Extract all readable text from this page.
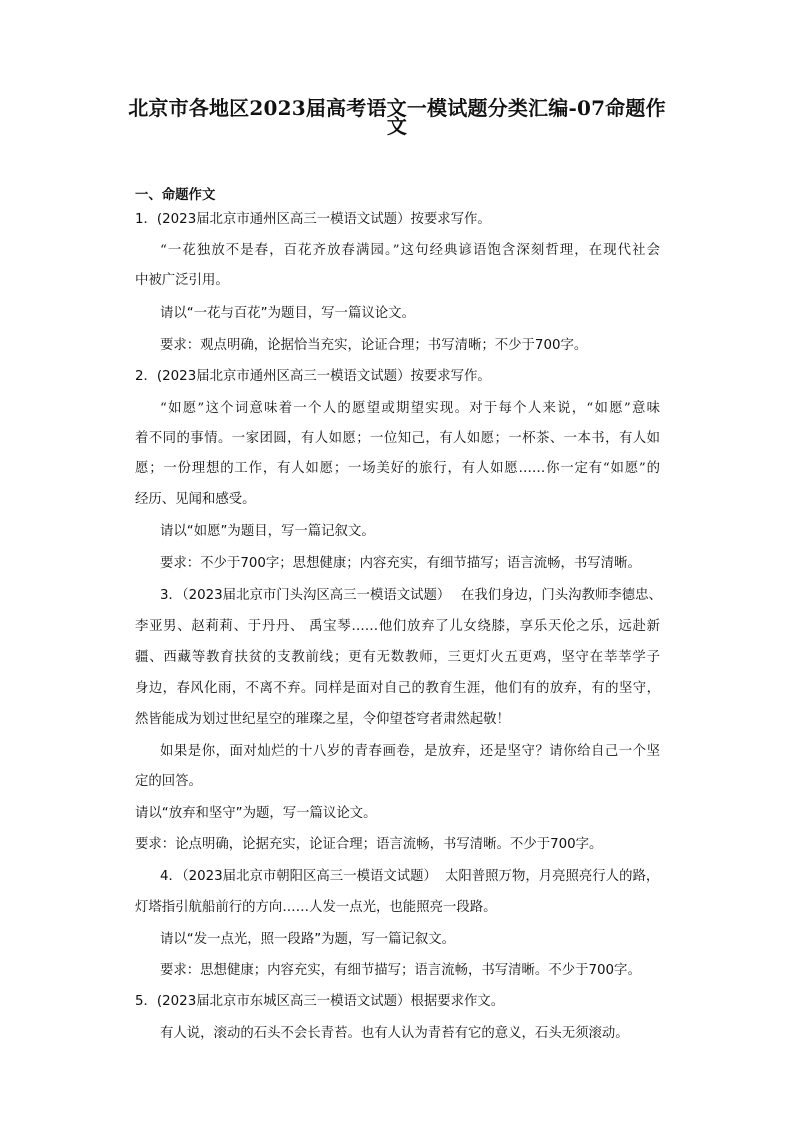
北京市各地区2023届高考语文一模试题分类汇编-07命题作
文
一、命题作文
1．(2023届北京市通州区高三一模语文试题）按要求写作。
“一花独放不是春，百花齐放春满园。”这句经典谚语饱含深刻哲理，在现代社会
中被广泛引用。
请以“一花与百花”为题目，写一篇议论文。
要求：观点明确，论据恰当充实，论证合理；书写清晰；不少于700字。
2．(2023届北京市通州区高三一模语文试题）按要求写作。
“如愿”这个词意味着一个人的愿望或期望实现。对于每个人来说，“如愿”意味
着不同的事情。一家团圆，有人如愿；一位知己，有人如愿；一杯茶、一本书，有人如
愿；一份理想的工作，有人如愿；一场美好的旅行，有人如愿……你一定有“如愿”的
经历、见闻和感受。
请以“如愿”为题目，写一篇记叙文。
要求：不少于700字；思想健康；内容充实，有细节描写；语言流畅，书写清晰。
3．（2023届北京市门头沟区高三一模语文试题） 在我们身边，门头沟教师李德忠、
李亚男、赵莉莉、于丹丹、 禹宝琴……他们放弃了儿女绕膝，享乐天伦之乐，远赴新
疆、西藏等教育扶贫的支教前线；更有无数教师，三更灯火五更鸡，坚守在莘莘学子
身边，春风化雨，不离不弃。同样是面对自己的教育生涯，他们有的放弃，有的坚守，
然皆能成为划过世纪星空的璀璨之星，令仰望苍穹者肃然起敬！
如果是你，面对灿烂的十八岁的青春画卷，是放弃，还是坚守？请你给自己一个坚
定的回答。
请以“放弃和坚守”为题，写一篇议论文。
要求：论点明确，论据充实，论证合理；语言流畅，书写清晰。不少于700字。
4．（2023届北京市朝阳区高三一模语文试题） 太阳普照万物，月亮照亮行人的路，
灯塔指引航船前行的方向……人发一点光，也能照亮一段路。
请以“发一点光，照一段路”为题，写一篇记叙文。
要求：思想健康；内容充实，有细节描写；语言流畅，书写清晰。不少于700字。
5．(2023届北京市东城区高三一模语文试题）根据要求作文。
有人说，滚动的石头不会长青苔。也有人认为青苔有它的意义，石头无须滚动。
